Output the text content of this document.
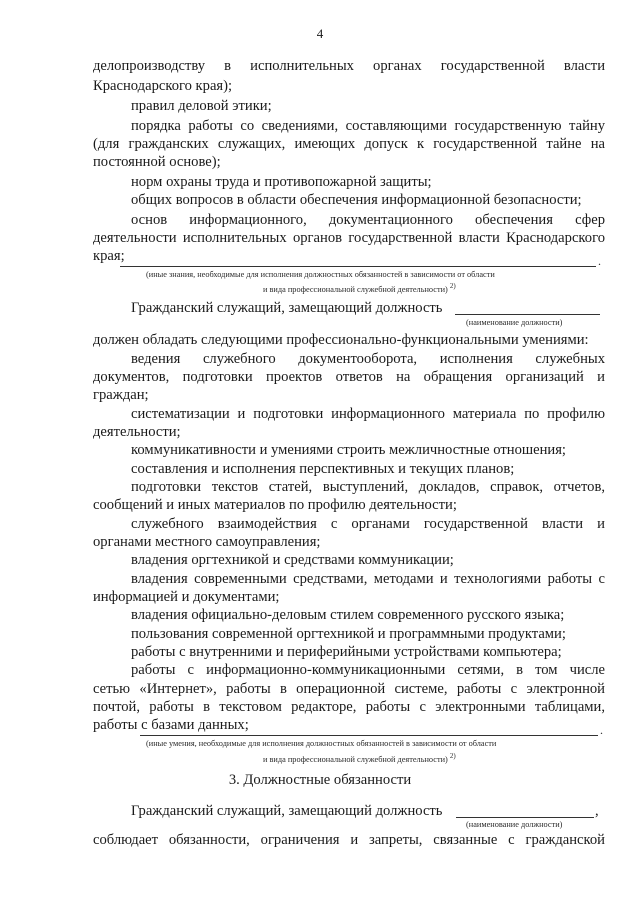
4
делопроизводству в исполнительных органах государственной власти
Краснодарского края);
правил деловой этики;
порядка работы со сведениями, составляющими государственную тайну
(для гражданских служащих, имеющих допуск к государственной тайне на
постоянной основе);
норм охраны труда и противопожарной защиты;
общих вопросов в области обеспечения информационной безопасности;
основ информационного, документационного обеспечения сфер
деятельности исполнительных органов государственной власти Краснодарского
края;	.
(иные знания, необходимые для исполнения должностных обязанностей в зависимости от области
и вида профессиональной служебной деятельности) $^{2)}$
Гражданский служащий, замещающий должность
(наименование должности)
должен обладать следующими профессионально-функциональными умениями:
ведения служебного документооборота, исполнения служебных
документов, подготовки проектов ответов на обращения организаций и
граждан;
систематизации и подготовки информационного материала по профилю
деятельности;
коммуникативности и умениями строить межличностные отношения;
составления и исполнения перспективных и текущих планов;
подготовки текстов статей, выступлений, докладов, справок, отчетов,
сообщений и иных материалов по профилю деятельности;
служебного взаимодействия с органами государственной власти и
органами местного самоуправления;
владения оргтехникой и средствами коммуникации;
владения современными средствами, методами и технологиями работы с
информацией и документами;
владения официально-деловым стилем современного русского языка;
пользования современной оргтехникой и программными продуктами;
работы с внутренними и периферийными устройствами компьютера;
работы с информационно-коммуникационными сетями, в том числе
сетью «Интернет», работы в операционной системе, работы с электронной
почтой, работы в текстовом редакторе, работы с электронными таблицами,
работы с базами данных;	.
(иные умения, необходимые для исполнения должностных обязанностей в зависимости от области
и вида профессиональной служебной деятельности) $^{2)}$
3. Должностные обязанности
Гражданский служащий, замещающий должность	,
(наименование должности)
соблюдает обязанности, ограничения и запреты, связанные с гражданской
